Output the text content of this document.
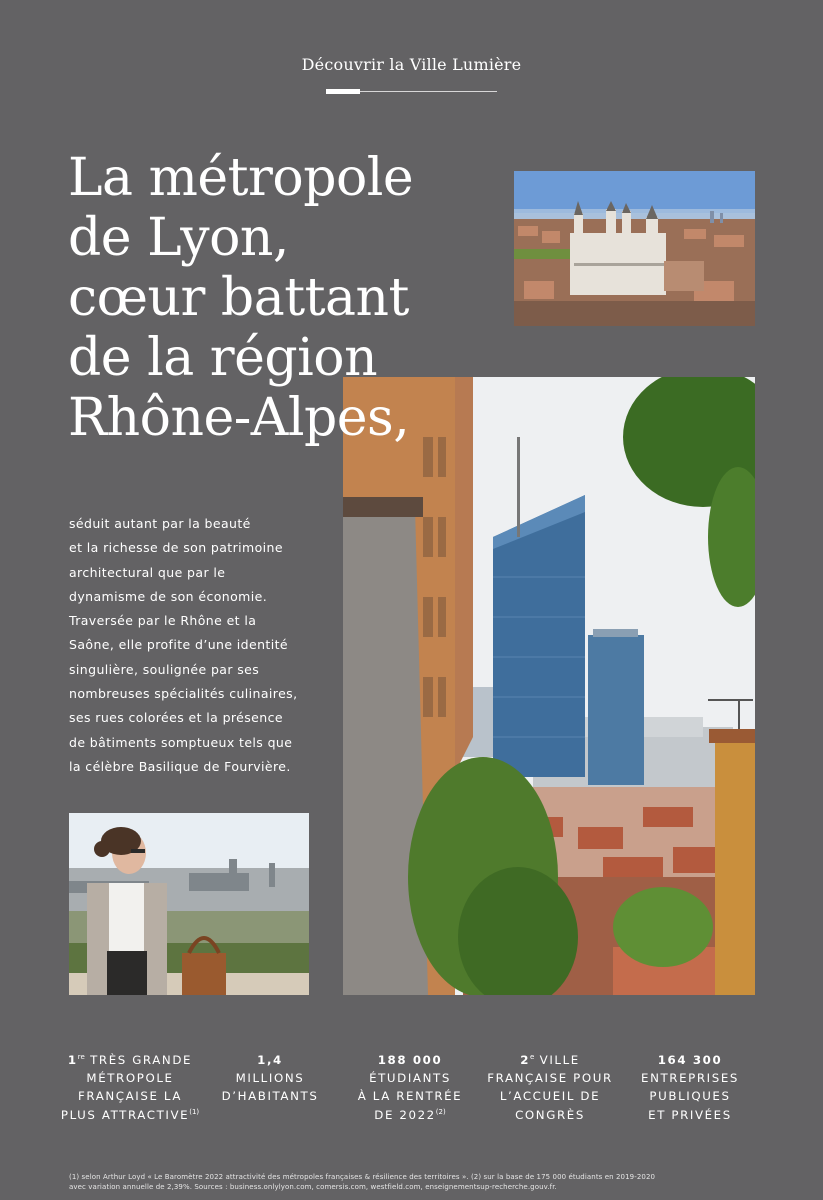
Découvrir la Ville Lumière
La métropole
de Lyon,
cœur battant
de la région
Rhône-Alpes,
séduit autant par la beauté
et la richesse de son patrimoine
architectural que par le
dynamisme de son économie.
Traversée par le Rhône et la
Saône, elle profite d’une identité
singulière, soulignée par ses
nombreuses spécialités culinaires,
ses rues colorées et la présence
de bâtiments somptueux tels que
la célèbre Basilique de Fourvière.
1re TRÈS GRANDE
MÉTROPOLE
FRANÇAISE LA
PLUS ATTRACTIVE$^{(1)}$
1,4
MILLIONS
D’HABITANTS
188 000
ÉTUDIANTS
À LA RENTRÉE
DE 2022$^{(2)}$
2e VILLE
FRANÇAISE POUR
L’ACCUEIL DE
CONGRÈS
164 300
ENTREPRISES
PUBLIQUES
ET PRIVÉES
(1) selon Arthur Loyd « Le Baromètre 2022 attractivité des métropoles françaises & résilience des territoires ». (2) sur la base de 175 000 étudiants en 2019-2020
avec variation annuelle de 2,39%. Sources : business.onlylyon.com, comersis.com, westfield.com, enseignementsup-recherche.gouv.fr.
